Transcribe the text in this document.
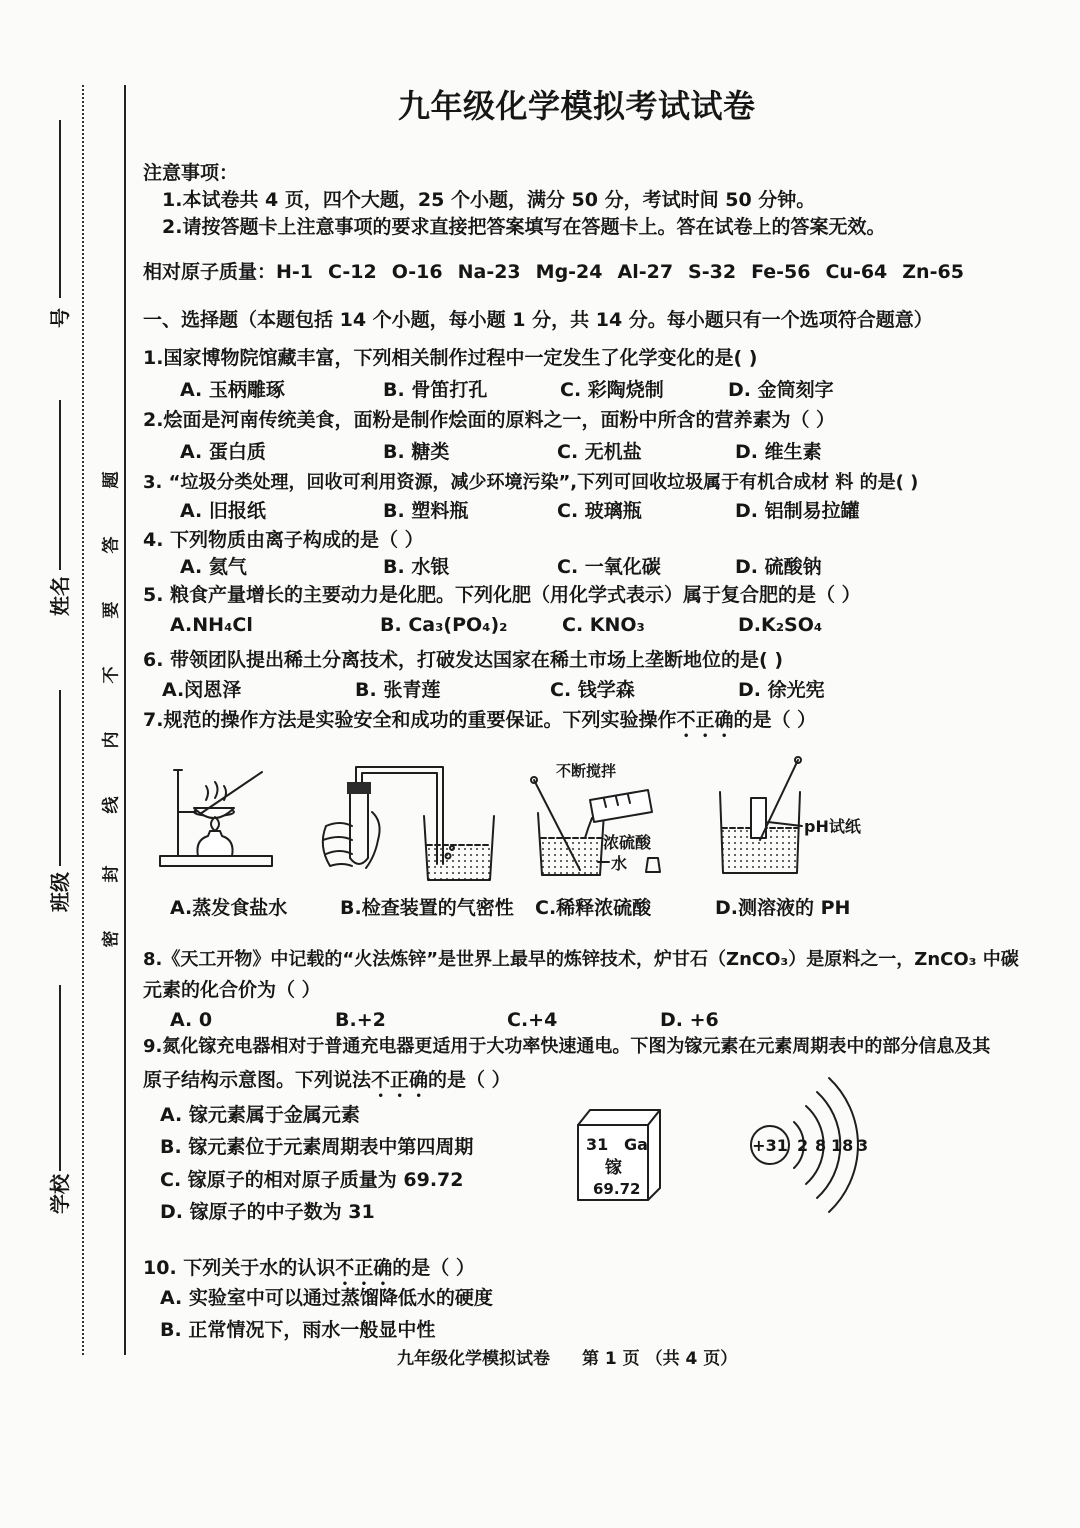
号
姓名
班级
学校
密
封
线
内
不
要
答
题
不断搅拌
浓硫酸
水
pH试纸
31 Ga
镓
69.72
+31 2 8 18 3
九年级化学模拟考试试卷
注意事项：
1.本试卷共 4 页，四个大题，25 个小题，满分 50 分，考试时间 50 分钟。
2.请按答题卡上注意事项的要求直接把答案填写在答题卡上。答在试卷上的答案无效。
相对原子质量： H-1 C-12 O-16 Na-23 Mg-24 Al-27 S-32 Fe-56 Cu-64 Zn-65
一、选择题（本题包括 14 个小题，每小题 1 分，共 14 分。每小题只有一个选项符合题意）
1.国家博物院馆藏丰富，下列相关制作过程中一定发生了化学变化的是( )
A. 玉柄雕琢	B. 骨笛打孔	C. 彩陶烧制	D. 金筒刻字
2.烩面是河南传统美食，面粉是制作烩面的原料之一，面粉中所含的营养素为（ ）
A. 蛋白质	B. 糖类	C. 无机盐	D. 维生素
3. “垃圾分类处理，回收可利用资源，减少环境污染”,下列可回收垃圾属于有机合成材 料 的是( )
A. 旧报纸	B. 塑料瓶	C. 玻璃瓶	D. 铝制易拉罐
4. 下列物质由离子构成的是（ ）
A. 氦气	B. 水银	C. 一氧化碳	D. 硫酸钠
5. 粮食产量增长的主要动力是化肥。下列化肥（用化学式表示）属于复合肥的是（ ）
A.NH₄Cl	B. Ca₃(PO₄)₂	C. KNO₃	D.K₂SO₄
6. 带领团队提出稀土分离技术，打破发达国家在稀土市场上垄断地位的是( )
A.闵恩泽	B. 张青莲	C. 钱学森	D. 徐光宪
7.规范的操作方法是实验安全和成功的重要保证。下列实验操作不正确的是（ ）
A.蒸发食盐水	B.检查装置的气密性 C.稀释浓硫酸	D.测溶液的 PH
8.《天工开物》中记载的“火法炼锌”是世界上最早的炼锌技术，炉甘石（ZnCO₃）是原料之一，ZnCO₃ 中碳
元素的化合价为（ ）
A. 0	B.+2	C.+4	D. +6
9.氮化镓充电器相对于普通充电器更适用于大功率快速通电。下图为镓元素在元素周期表中的部分信息及其
原子结构示意图。下列说法不正确的是（ ）
A. 镓元素属于金属元素
B. 镓元素位于元素周期表中第四周期
C. 镓原子的相对原子质量为 69.72
D. 镓原子的中子数为 31
10. 下列关于水的认识不正确的是（ ）
A. 实验室中可以通过蒸馏降低水的硬度
B. 正常情况下，雨水一般显中性
九年级化学模拟试卷 第 1 页 （共 4 页）
